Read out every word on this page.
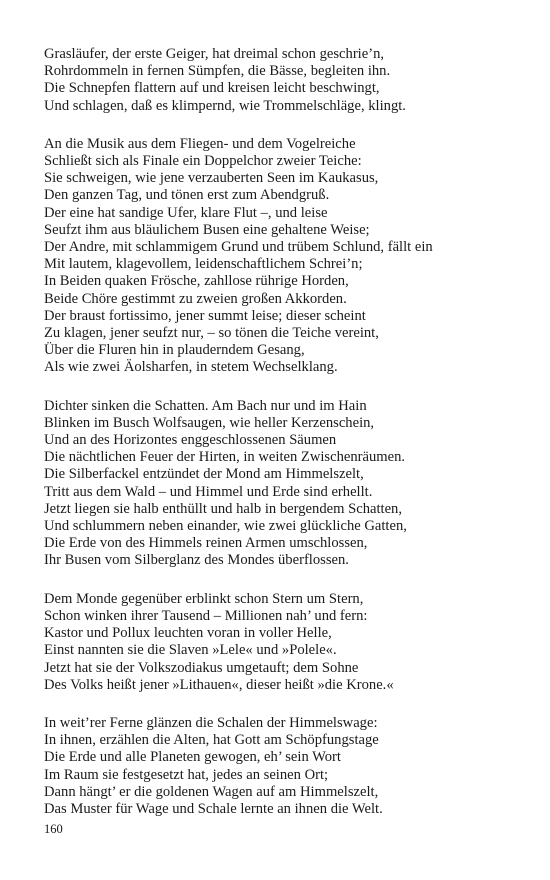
Grasläufer, der erste Geiger, hat dreimal schon geschrie’n,
Rohrdommeln in fernen Sümpfen, die Bässe, begleiten ihn.
Die Schnepfen flattern auf und kreisen leicht beschwingt,
Und schlagen, daß es klimpernd, wie Trommelschläge, klingt.
An die Musik aus dem Fliegen- und dem Vogelreiche
Schließt sich als Finale ein Doppelchor zweier Teiche:
Sie schweigen, wie jene verzauberten Seen im Kaukasus,
Den ganzen Tag, und tönen erst zum Abendgruß.
Der eine hat sandige Ufer, klare Flut –, und leise
Seufzt ihm aus bläulichem Busen eine gehaltene Weise;
Der Andre, mit schlammigem Grund und trübem Schlund, fällt ein
Mit lautem, klagevollem, leidenschaftlichem Schrei’n;
In Beiden quaken Frösche, zahllose rührige Horden,
Beide Chöre gestimmt zu zweien großen Akkorden.
Der braust fortissimo, jener summt leise; dieser scheint
Zu klagen, jener seufzt nur, – so tönen die Teiche vereint,
Über die Fluren hin in plauderndem Gesang,
Als wie zwei Äolsharfen, in stetem Wechselklang.
Dichter sinken die Schatten. Am Bach nur und im Hain
Blinken im Busch Wolfsaugen, wie heller Kerzenschein,
Und an des Horizontes enggeschlossenen Säumen
Die nächtlichen Feuer der Hirten, in weiten Zwischenräumen.
Die Silberfackel entzündet der Mond am Himmelszelt,
Tritt aus dem Wald – und Himmel und Erde sind erhellt.
Jetzt liegen sie halb enthüllt und halb in bergendem Schatten,
Und schlummern neben einander, wie zwei glückliche Gatten,
Die Erde von des Himmels reinen Armen umschlossen,
Ihr Busen vom Silberglanz des Mondes überflossen.
Dem Monde gegenüber erblinkt schon Stern um Stern,
Schon winken ihrer Tausend – Millionen nah’ und fern:
Kastor und Pollux leuchten voran in voller Helle,
Einst nannten sie die Slaven »Lele« und »Polele«.
Jetzt hat sie der Volkszodiakus umgetauft; dem Sohne
Des Volks heißt jener »Lithauen«, dieser heißt »die Krone.«
In weit’rer Ferne glänzen die Schalen der Himmelswage:
In ihnen, erzählen die Alten, hat Gott am Schöpfungstage
Die Erde und alle Planeten gewogen, eh’ sein Wort
Im Raum sie festgesetzt hat, jedes an seinen Ort;
Dann hängt’ er die goldenen Wagen auf am Himmelszelt,
Das Muster für Wage und Schale lernte an ihnen die Welt.
160
